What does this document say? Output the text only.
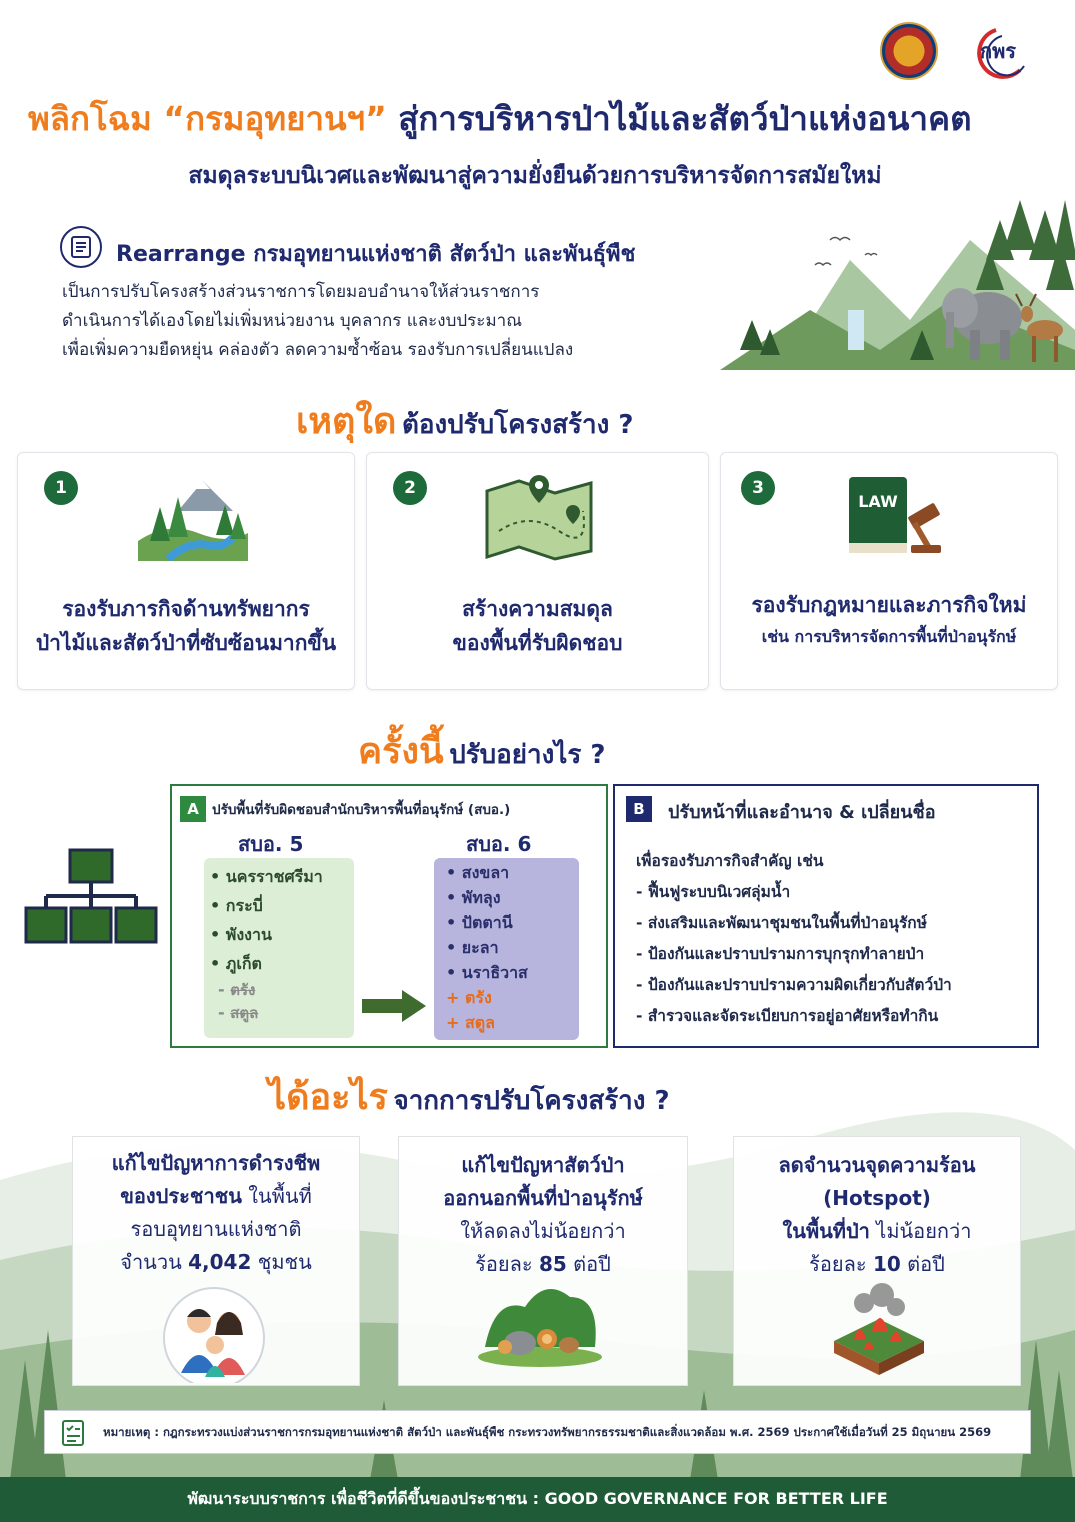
กพร
พลิกโฉม “กรมอุทยานฯ” สู่การบริหารป่าไม้และสัตว์ป่าแห่งอนาคต
สมดุลระบบนิเวศและพัฒนาสู่ความยั่งยืนด้วยการบริหารจัดการสมัยใหม่
Rearrange กรมอุทยานแห่งชาติ สัตว์ป่า และพันธุ์พืช
เป็นการปรับโครงสร้างส่วนราชการโดยมอบอำนาจให้ส่วนราชการ
ดำเนินการได้เองโดยไม่เพิ่มหน่วยงาน บุคลากร และงบประมาณ
เพื่อเพิ่มความยืดหยุ่น คล่องตัว ลดความซ้ำซ้อน รองรับการเปลี่ยนแปลง
เหตุใด ต้องปรับโครงสร้าง ?
1
รองรับภารกิจด้านทรัพยากร
ป่าไม้และสัตว์ป่าที่ซับซ้อนมากขึ้น
2
สร้างความสมดุล
ของพื้นที่รับผิดชอบ
3
LAW
รองรับกฎหมายและภารกิจใหม่
เช่น การบริหารจัดการพื้นที่ป่าอนุรักษ์
ครั้งนี้ ปรับอย่างไร ?
A ปรับพื้นที่รับผิดชอบสำนักบริหารพื้นที่อนุรักษ์ (สบอ.)
สบอ. 5	สบอ. 6
• นครราชศรีมา
• กระบี่
• พังงาน
• ภูเก็ต
- ตรัง
- สตูล
• สงขลา
• พัทลุง
• ปัตตานี
• ยะลา
• นราธิวาส
+ ตรัง
+ สตูล
B	ปรับหน้าที่และอำนาจ & เปลี่ยนชื่อ
เพื่อรองรับภารกิจสำคัญ เช่น
- ฟื้นฟูระบบนิเวศลุ่มน้ำ
- ส่งเสริมและพัฒนาชุมชนในพื้นที่ป่าอนุรักษ์
- ป้องกันและปราบปรามการบุกรุกทำลายป่า
- ป้องกันและปราบปรามความผิดเกี่ยวกับสัตว์ป่า
- สำรวจและจัดระเบียบการอยู่อาศัยหรือทำกิน
ได้อะไร จากการปรับโครงสร้าง ?
แก้ไขปัญหาการดำรงชีพ
ของประชาชน ในพื้นที่
รอบอุทยานแห่งชาติ
จำนวน 4,042 ชุมชน
แก้ไขปัญหาสัตว์ป่า
ออกนอกพื้นที่ป่าอนุรักษ์
ให้ลดลงไม่น้อยกว่า
ร้อยละ 85 ต่อปี
ลดจำนวนจุดความร้อน
(Hotspot)
ในพื้นที่ป่า ไม่น้อยกว่า
ร้อยละ 10 ต่อปี
หมายเหตุ : กฎกระทรวงแบ่งส่วนราชการกรมอุทยานแห่งชาติ สัตว์ป่า และพันธุ์พืช กระทรวงทรัพยากรธรรมชาติและสิ่งแวดล้อม พ.ศ. 2569 ประกาศใช้เมื่อวันที่ 25 มิถุนายน 2569
พัฒนาระบบราชการ เพื่อชีวิตที่ดีขึ้นของประชาชน : GOOD GOVERNANCE FOR BETTER LIFE
